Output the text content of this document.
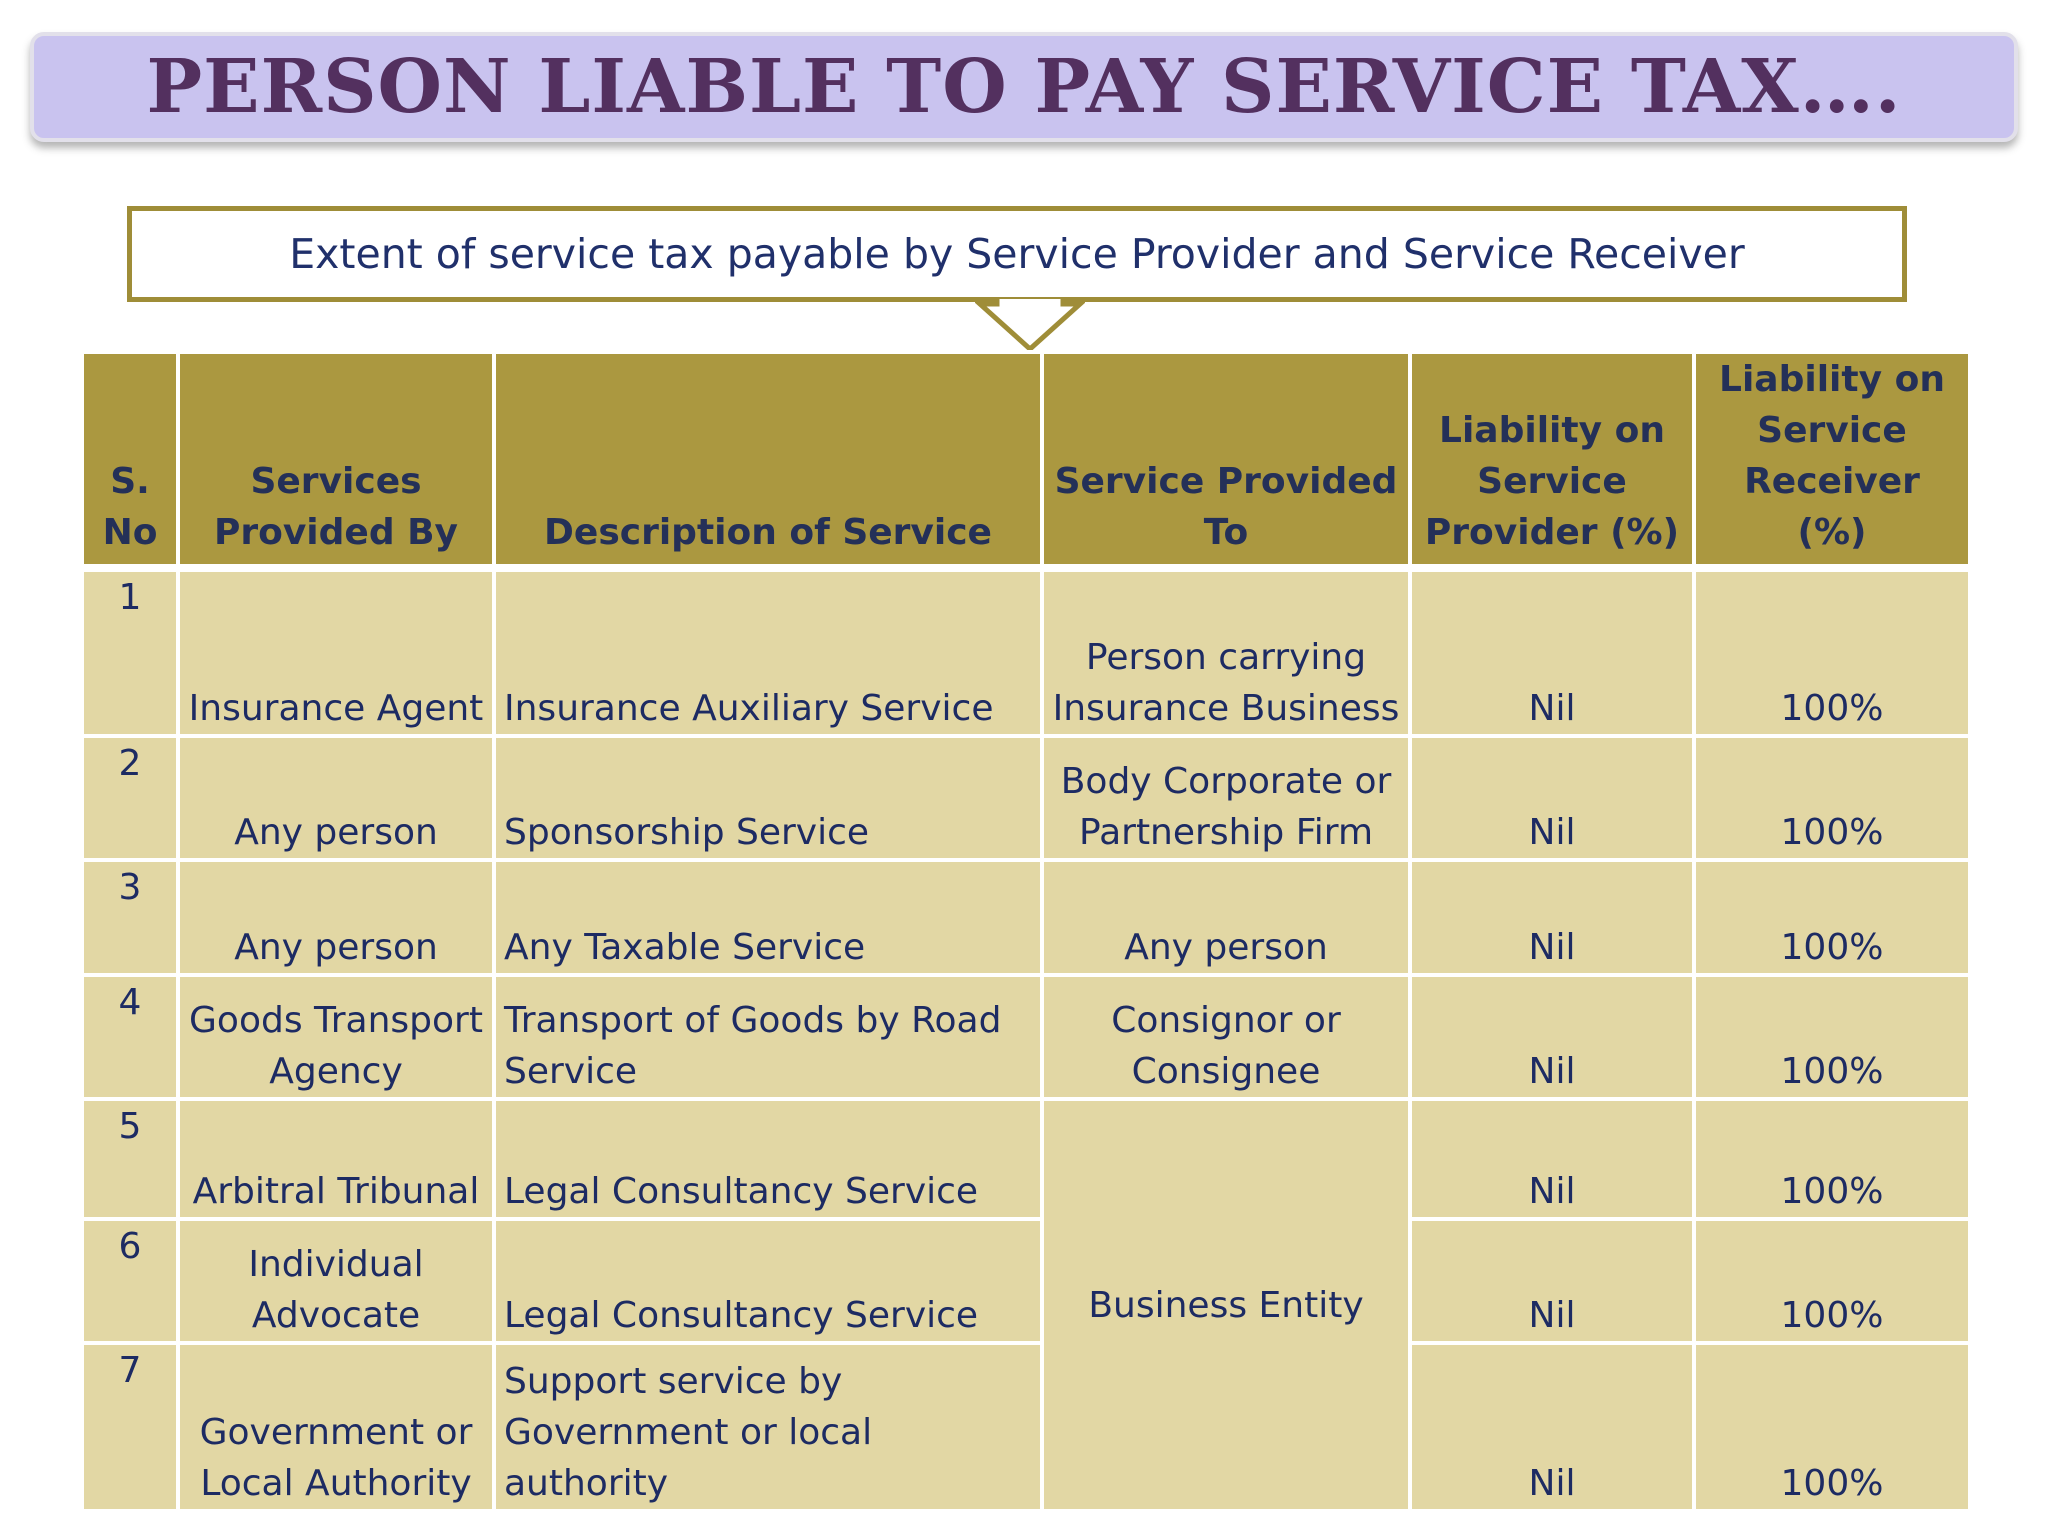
PERSON LIABLE TO PAY SERVICE TAX….
Extent of service tax payable by Service Provider and Service Receiver
S. No	Services Provided By	Description of Service	Service Provided To	Liability on Service Provider (%)	Liability on Service Receiver (%)
1	Insurance Agent	Insurance Auxiliary Service	Person carrying Insurance Business	Nil	100%
2	Any person	Sponsorship Service	Body Corporate or Partnership Firm	Nil	100%
3	Any person	Any Taxable Service	Any person	Nil	100%
4	Goods Transport Agency	Transport of Goods by Road Service	Consignor or Consignee	Nil	100%
5	Arbitral Tribunal	Legal Consultancy Service	Business Entity	Nil	100%
6	Individual Advocate	Legal Consultancy Service		Nil	100%
7	Government or Local Authority	Support service by Government or local authority		Nil	100%
